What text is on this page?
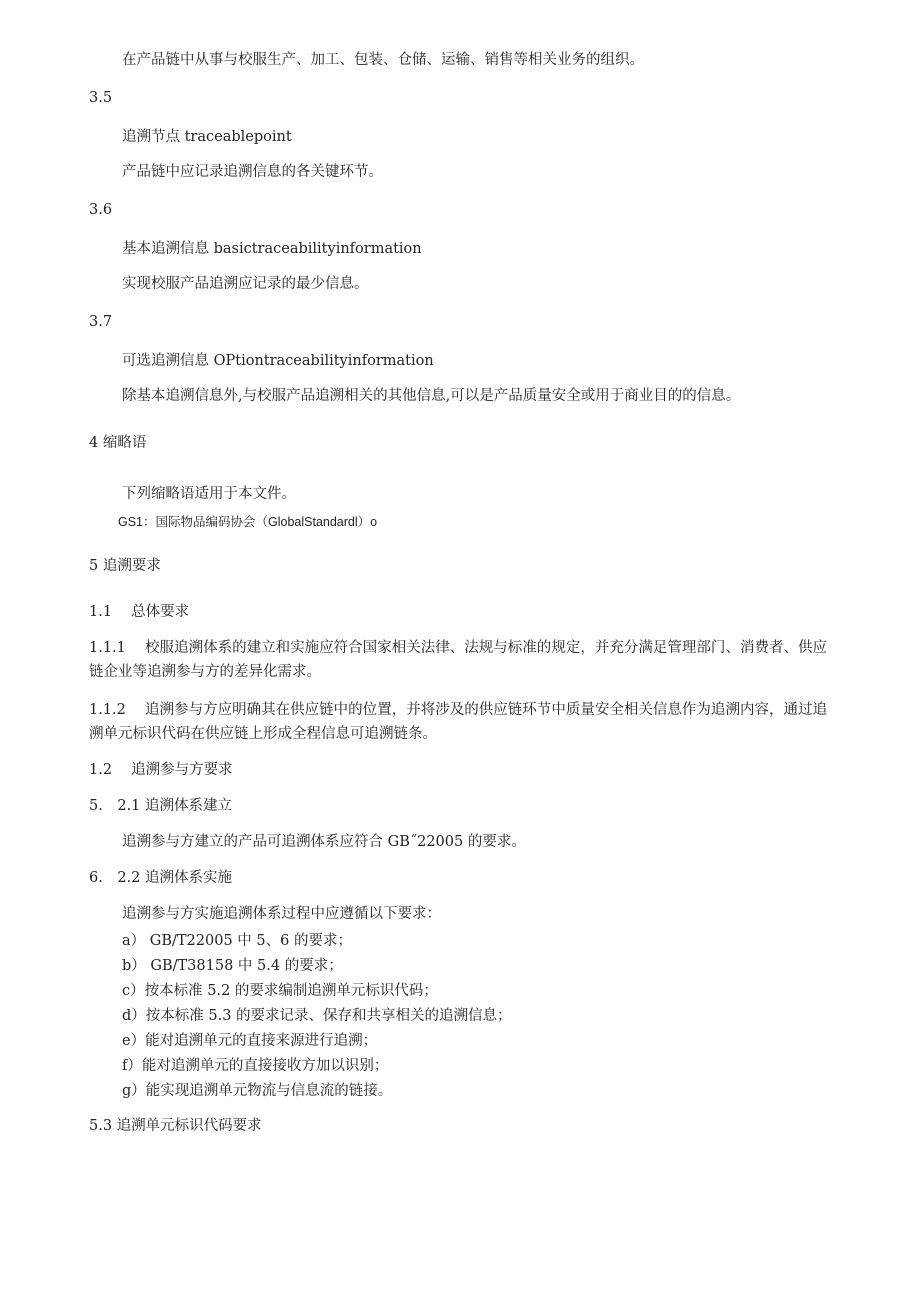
在产品链中从事与校服生产、加工、包装、仓储、运输、销售等相关业务的组织。
3.5
追溯节点 traceablepoint
产品链中应记录追溯信息的各关键环节。
3.6
基本追溯信息 basictraceabilityinformation
实现校服产品追溯应记录的最少信息。
3.7
可选追溯信息 OPtiontraceabilityinformation
除基本追溯信息外,与校服产品追溯相关的其他信息,可以是产品质量安全或用于商业目的的信息。
4 缩略语
下列缩略语适用于本文件。
GS1：国际物品编码协会（GlobalStandardl）o
5 追溯要求
1.1　 总体要求
1.1.1　 校服追溯体系的建立和实施应符合国家相关法律、法规与标准的规定，并充分满足管理部门、消费者、供应链企业等追溯参与方的差异化需求。
1.1.2　 追溯参与方应明确其在供应链中的位置，并将涉及的供应链环节中质量安全相关信息作为追溯内容，通过追溯单元标识代码在供应链上形成全程信息可追溯链条。
1.2　 追溯参与方要求
5.　2.1 追溯体系建立
追溯参与方建立的产品可追溯体系应符合 GB˝22005 的要求。
6.　2.2 追溯体系实施
追溯参与方实施追溯体系过程中应遵循以下要求：
a） GB/T22005 中 5、6 的要求；
b） GB/T38158 中 5.4 的要求；
c）按本标准 5.2 的要求编制追溯单元标识代码；
d）按本标准 5.3 的要求记录、保存和共享相关的追溯信息；
e）能对追溯单元的直接来源进行追溯；
f）能对追溯单元的直接接收方加以识别；
g）能实现追溯单元物流与信息流的链接。
5.3 追溯单元标识代码要求
